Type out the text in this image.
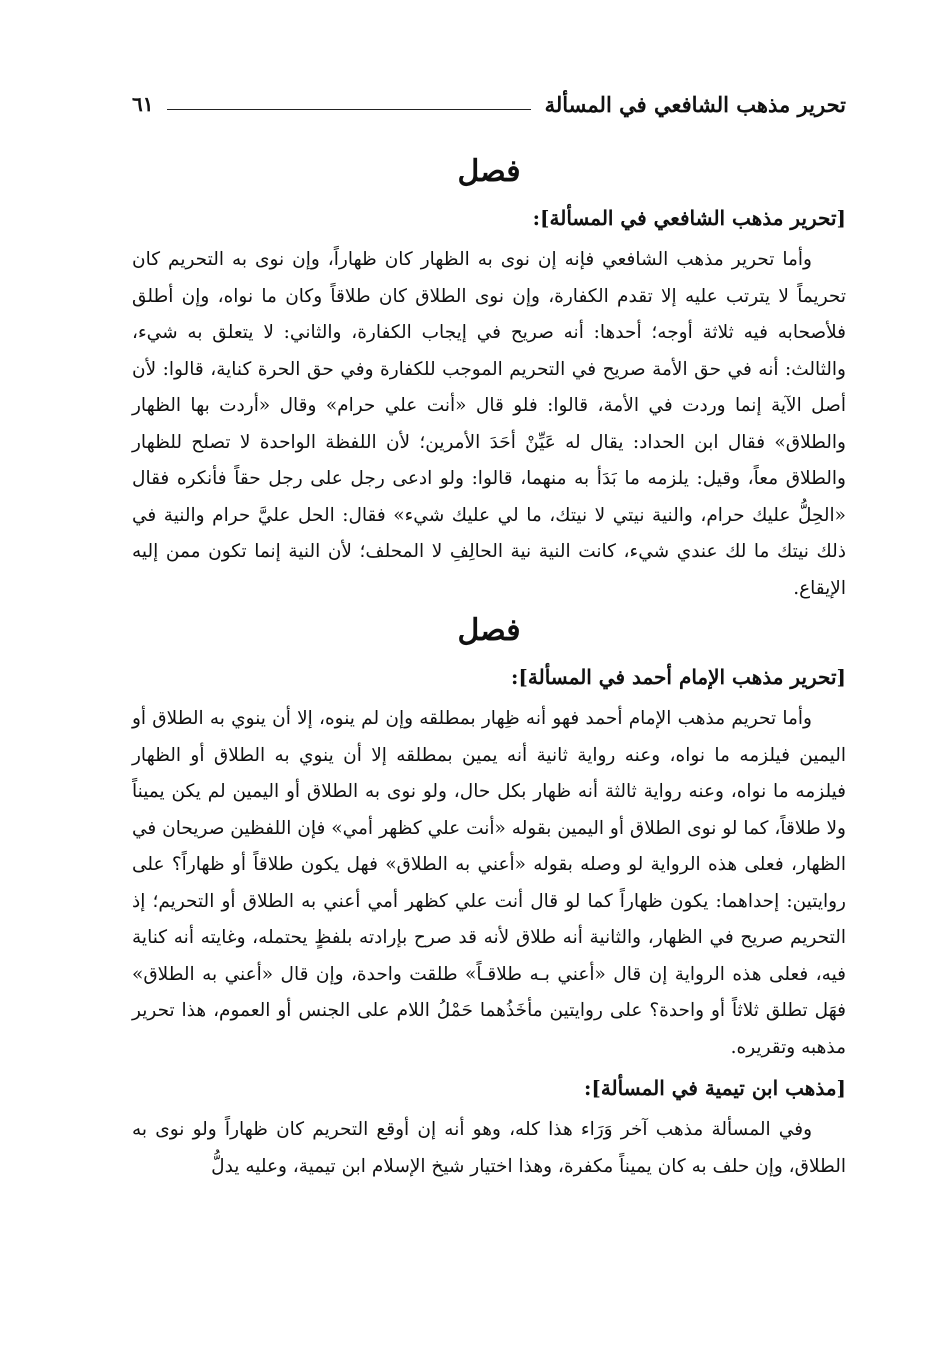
تحرير مذهب الشافعي في المسألة
٦١
فصل
[تحرير مذهب الشافعي في المسألة]:

وأما تحرير مذهب الشافعي فإنه إن نوى به الظهار كان ظهاراً، وإن نوى به التحريم كان تحريماً لا يترتب عليه إلا تقدم الكفارة، وإن نوى الطلاق كان طلاقاً وكان ما نواه، وإن أطلق فلأصحابه فيه ثلاثة أوجه؛ أحدها: أنه صريح في إيجاب الكفارة، والثاني: لا يتعلق به شيء، والثالث: أنه في حق الأمة صريح في التحريم الموجب للكفارة وفي حق الحرة كناية، قالوا: لأن أصل الآية إنما وردت في الأمة، قالوا: فلو قال «أنت علي حرام» وقال «أردت بها الظهار والطلاق» فقال ابن الحداد: يقال له عَيِّنْ أحَدَ الأمرين؛ لأن اللفظة الواحدة لا تصلح للظهار والطلاق معاً، وقيل: يلزمه ما بَدَأ به منهما، قالوا: ولو ادعى رجل على رجل حقاً فأنكره فقال «الحِلُّ عليك حرام، والنية نيتي لا نيتك، ما لي عليك شيء» فقال: الحل عليَّ حرام والنية في ذلك نيتك ما لك عندي شيء، كانت النية نية الحالِفِ لا المحلف؛ لأن النية إنما تكون ممن إليه الإيقاع.

فصل
[تحرير مذهب الإمام أحمد في المسألة]:

وأما تحريم مذهب الإمام أحمد فهو أنه ظِهار بمطلقه وإن لم ينوه، إلا أن ينوي به الطلاق أو اليمين فيلزمه ما نواه، وعنه رواية ثانية أنه يمين بمطلقه إلا أن ينوي به الطلاق أو الظهار فيلزمه ما نواه، وعنه رواية ثالثة أنه ظهار بكل حال، ولو نوى به الطلاق أو اليمين لم يكن يميناً ولا طلاقاً، كما لو نوى الطلاق أو اليمين بقوله «أنت علي كظهر أمي» فإن اللفظين صريحان في الظهار، فعلى هذه الرواية لو وصله بقوله «أعني به الطلاق» فهل يكون طلاقاً أو ظهاراً؟ على روايتين: إحداهما: يكون ظهاراً كما لو قال أنت علي كظهر أمي أعني به الطلاق أو التحريم؛ إذ التحريم صريح في الظهار، والثانية أنه طلاق لأنه قد صرح بإرادته بلفظٍ يحتمله، وغايته أنه كناية فيه، فعلى هذه الرواية إن قال «أعني بـه طلاقـاً» طلقت واحدة، وإن قال «أعني به الطلاق» فهَل تطلق ثلاثاً أو واحدة؟ على روايتين مأخَذُهما حَمْلُ اللام على الجنس أو العموم، هذا تحرير مذهبه وتقريره.

[مذهب ابن تيمية في المسألة]:

وفي المسألة مذهب آخر وَرَاء هذا كله، وهو أنه إن أوقع التحريم كان ظهاراً ولو نوى به الطلاق، وإن حلف به كان يميناً مكفرة، وهذا اختيار شيخ الإسلام ابن تيمية، وعليه يدلُّ
